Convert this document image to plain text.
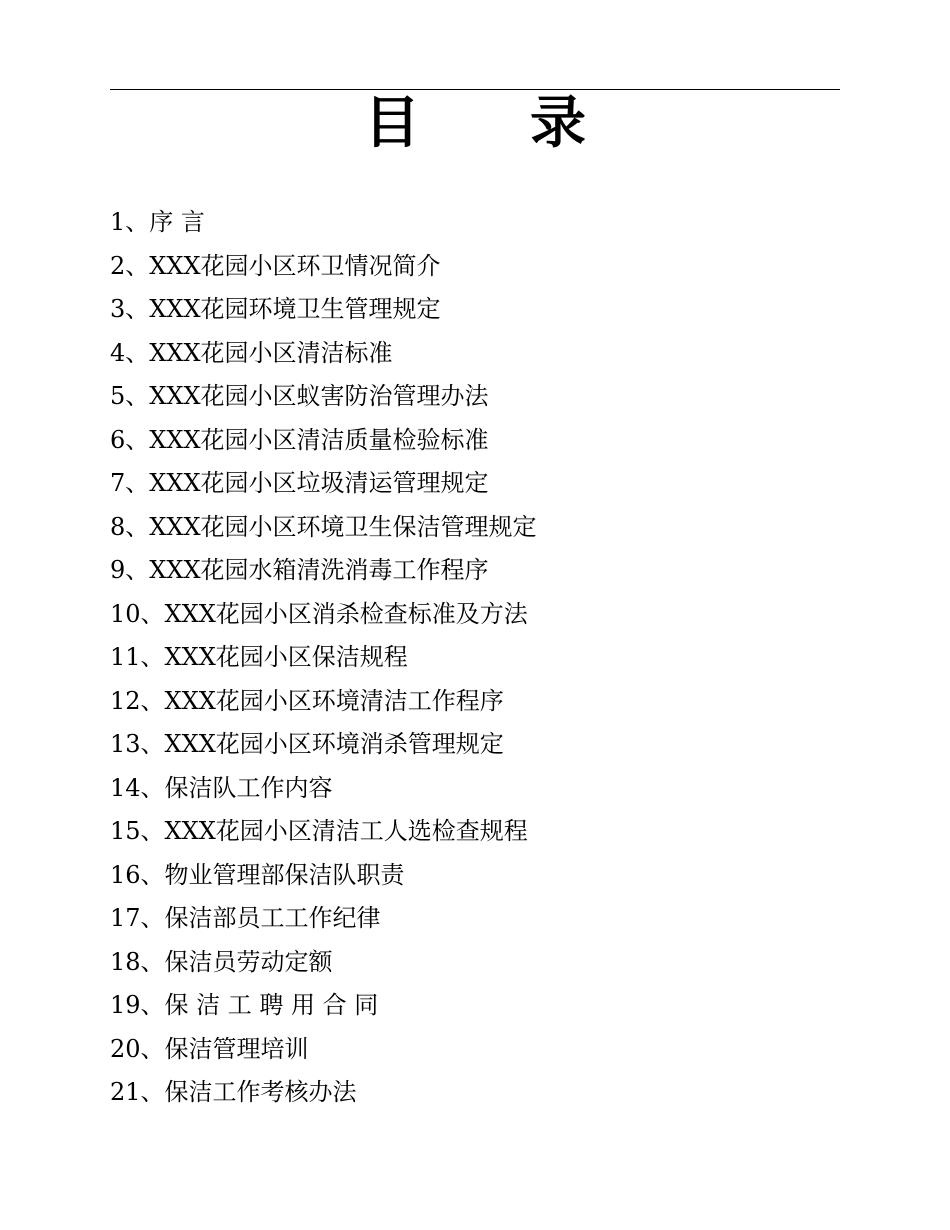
目 录
1、序 言
2、XXX花园小区环卫情况简介
3、XXX花园环境卫生管理规定
4、XXX花园小区清洁标准
5、XXX花园小区蚁害防治管理办法
6、XXX花园小区清洁质量检验标准
7、XXX花园小区垃圾清运管理规定
8、XXX花园小区环境卫生保洁管理规定
9、XXX花园水箱清洗消毒工作程序
10、XXX花园小区消杀检查标准及方法
11、XXX花园小区保洁规程
12、XXX花园小区环境清洁工作程序
13、XXX花园小区环境消杀管理规定
14、保洁队工作内容
15、XXX花园小区清洁工人选检查规程
16、物业管理部保洁队职责
17、保洁部员工工作纪律
18、保洁员劳动定额
19、保 洁 工 聘 用 合 同
20、保洁管理培训
21、保洁工作考核办法
